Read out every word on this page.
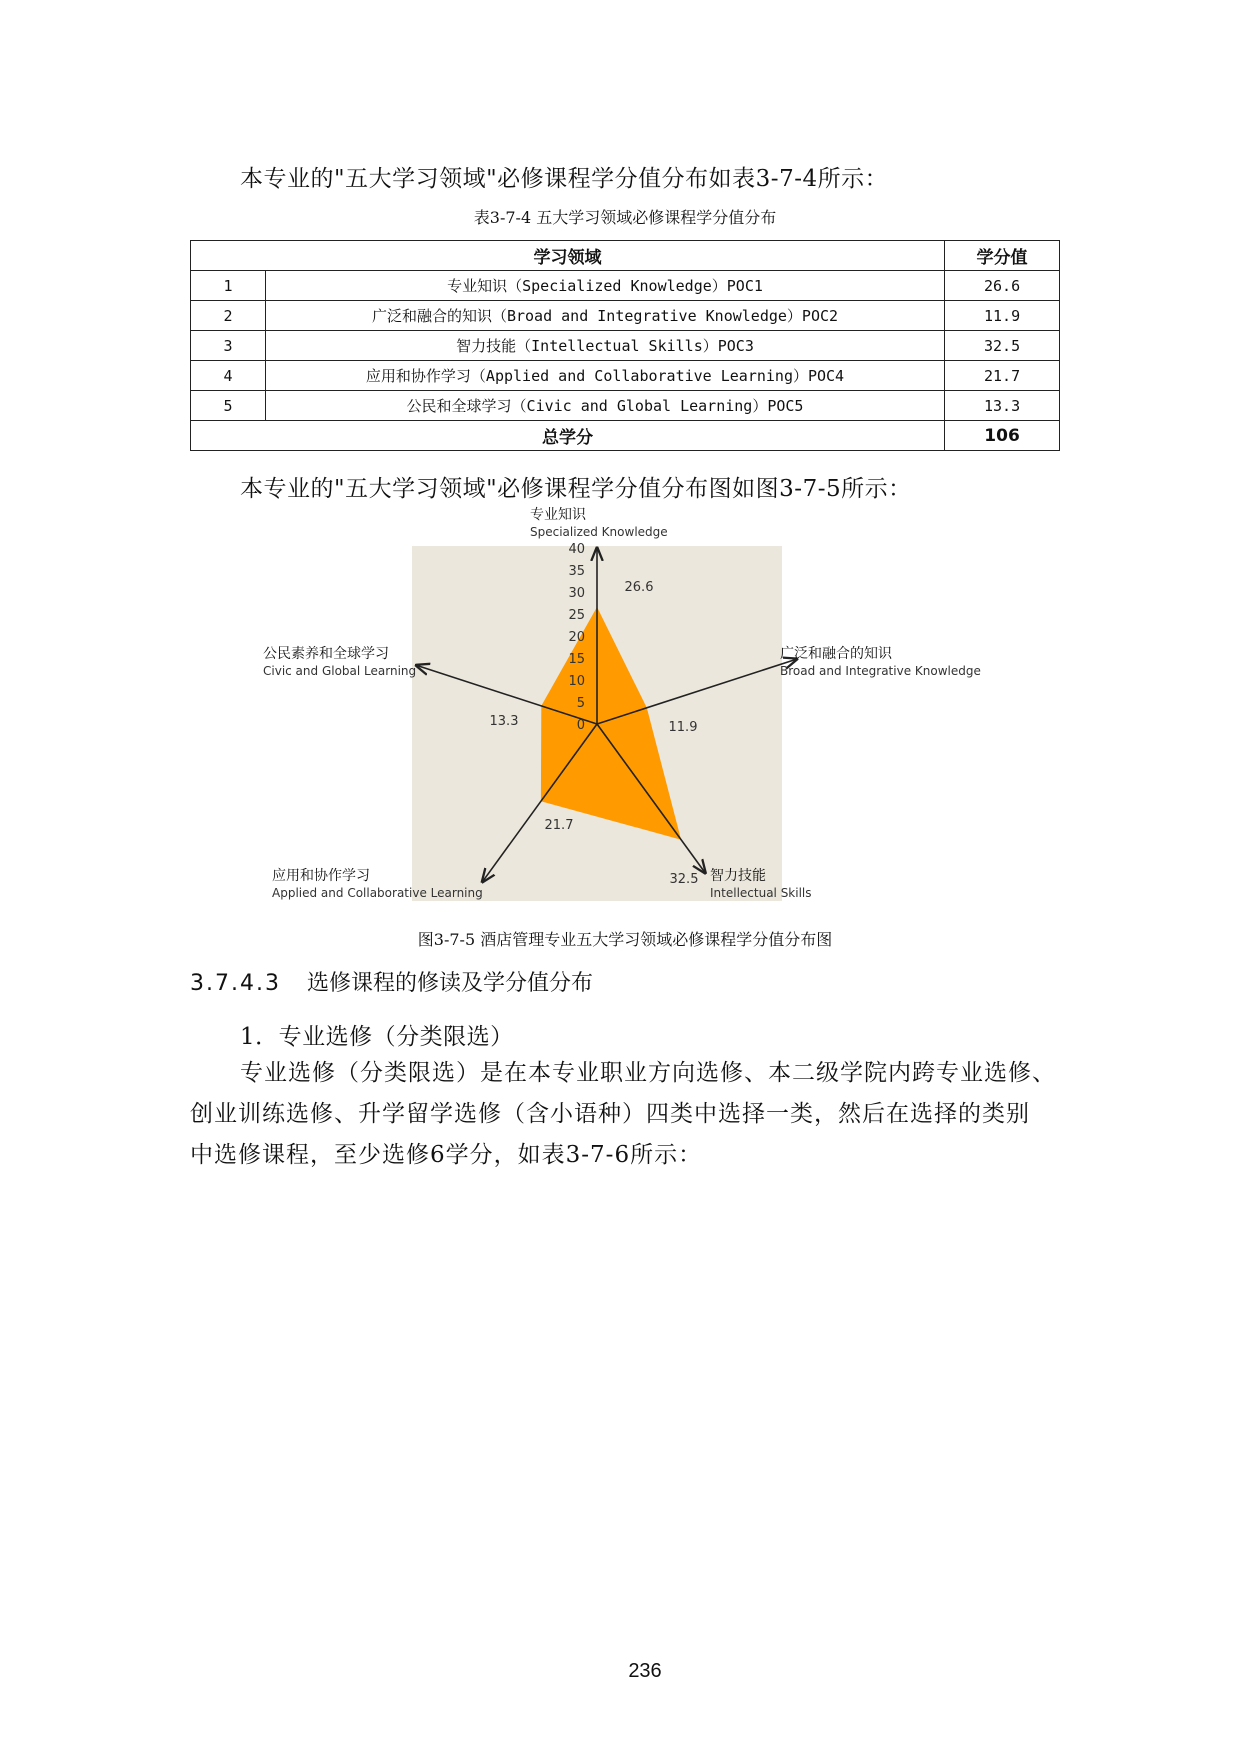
本专业的"五大学习领域"必修课程学分值分布如表3-7-4所示：
表3-7-4 五大学习领域必修课程学分值分布
学习领域		学分值
1	专业知识（Specialized Knowledge）POC1	26.6
2	广泛和融合的知识（Broad and Integrative Knowledge）POC2	11.9
3	智力技能（Intellectual Skills）POC3	32.5
4	应用和协作学习（Applied and Collaborative Learning）POC4	21.7
5	公民和全球学习（Civic and Global Learning）POC5	13.3
总学分		106
本专业的"五大学习领域"必修课程学分值分布图如图3-7-5所示：
0
5
10
15
20
25
30
35
40
26.6
11.9
32.5
21.7
13.3
专业知识
Specialized Knowledge
广泛和融合的知识
Broad and Integrative Knowledge
智力技能
Intellectual Skills
应用和协作学习
Applied and Collaborative Learning
公民素养和全球学习
Civic and Global Learning
图3-7-5 酒店管理专业五大学习领域必修课程学分值分布图
3.7.4.3 选修课程的修读及学分值分布
1．专业选修（分类限选）
专业选修（分类限选）是在本专业职业方向选修、本二级学院内跨专业选修、
创业训练选修、升学留学选修（含小语种）四类中选择一类，然后在选择的类别
中选修课程，至少选修6学分，如表3-7-6所示：
236
